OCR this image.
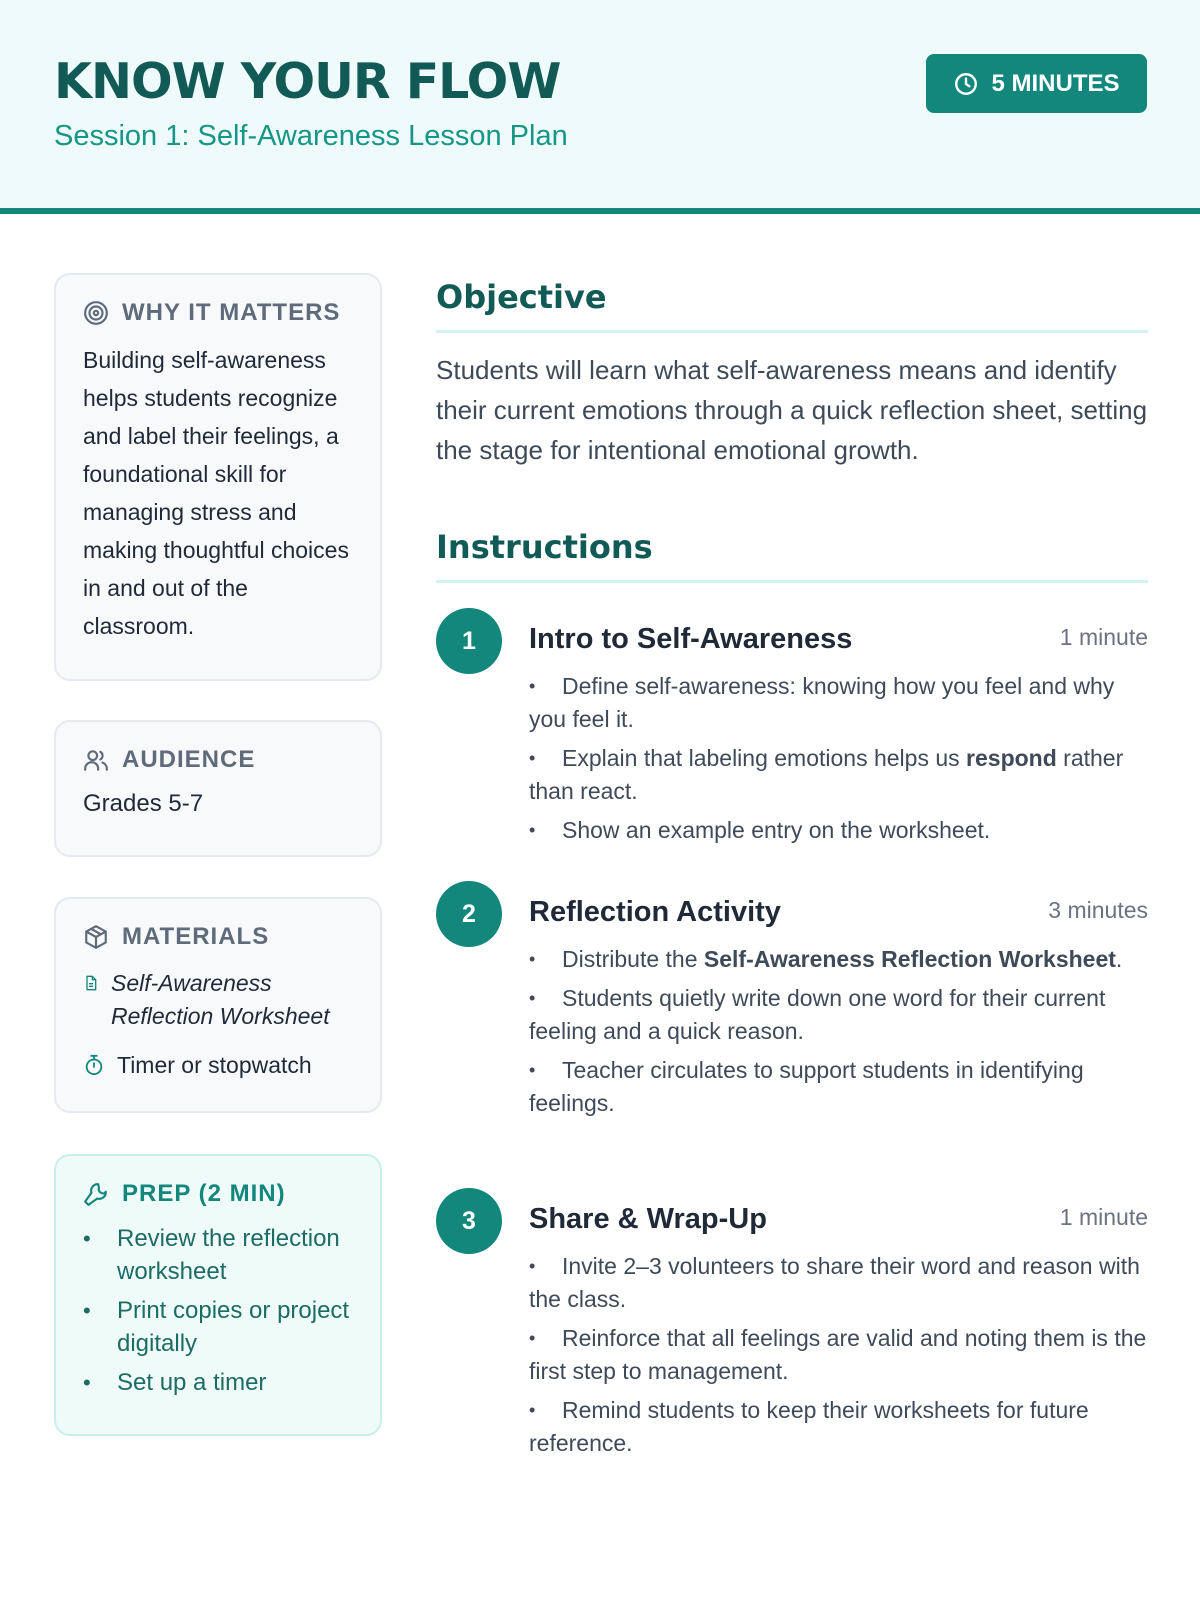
KNOW YOUR FLOW
Session 1: Self-Awareness Lesson Plan
5 MINUTES
WHY IT MATTERS

Building self-awareness helps students recognize and label their feelings, a foundational skill for managing stress and making thoughtful choices in and out of the classroom.

AUDIENCE
Grades 5-7
MATERIALS
Self-Awareness Reflection Worksheet
Timer or stopwatch
PREP (2 MIN)
• Review the reflection worksheet
• Print copies or project digitally
• Set up a timer
Objective

Students will learn what self-awareness means and identify their current emotions through a quick reflection sheet, setting the stage for intentional emotional growth.

Instructions
1	Intro to Self-Awareness	1 minute
• Define self-awareness: knowing how you feel and why you feel it.
• Explain that labeling emotions helps us respond rather than react.
• Show an example entry on the worksheet.
2	Reflection Activity	3 minutes
• Distribute the Self-Awareness Reflection Worksheet.
• Students quietly write down one word for their current feeling and a quick reason.
• Teacher circulates to support students in identifying feelings.
3	Share & Wrap-Up	1 minute
• Invite 2–3 volunteers to share their word and reason with the class.
• Reinforce that all feelings are valid and noting them is the first step to management.
• Remind students to keep their worksheets for future reference.
